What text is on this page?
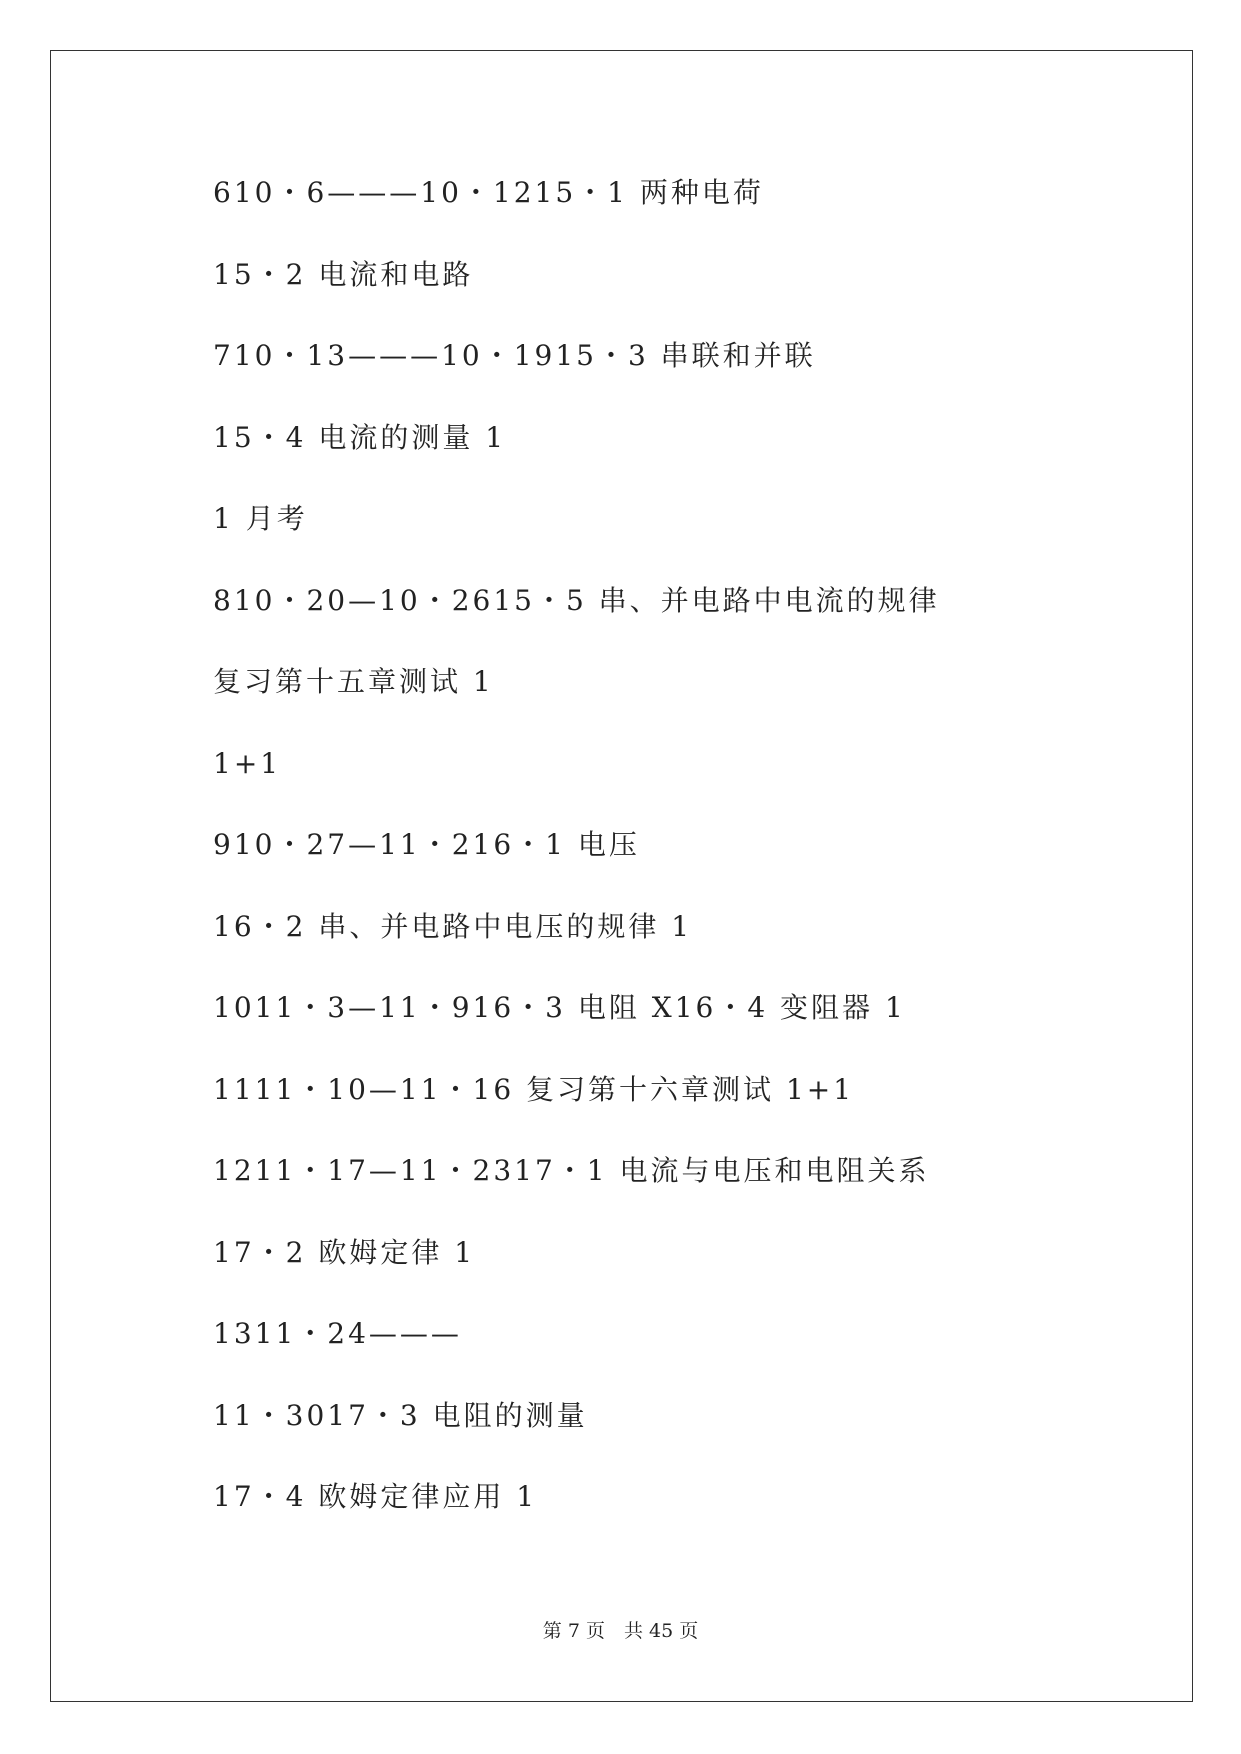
610・6———10・1215・1 两种电荷
15・2 电流和电路
710・13———10・1915・3 串联和并联
15・4 电流的测量 1
1 月考
810・20—10・2615・5 串、并电路中电流的规律
复习第十五章测试 1
1+1
910・27—11・216・1 电压
16・2 串、并电路中电压的规律 1
1011・3—11・916・3 电阻 X16・4 变阻器 1
1111・10—11・16 复习第十六章测试 1+1
1211・17—11・2317・1 电流与电压和电阻关系
17・2 欧姆定律 1
1311・24———
11・3017・3 电阻的测量
17・4 欧姆定律应用 1
第 7 页　共 45 页
